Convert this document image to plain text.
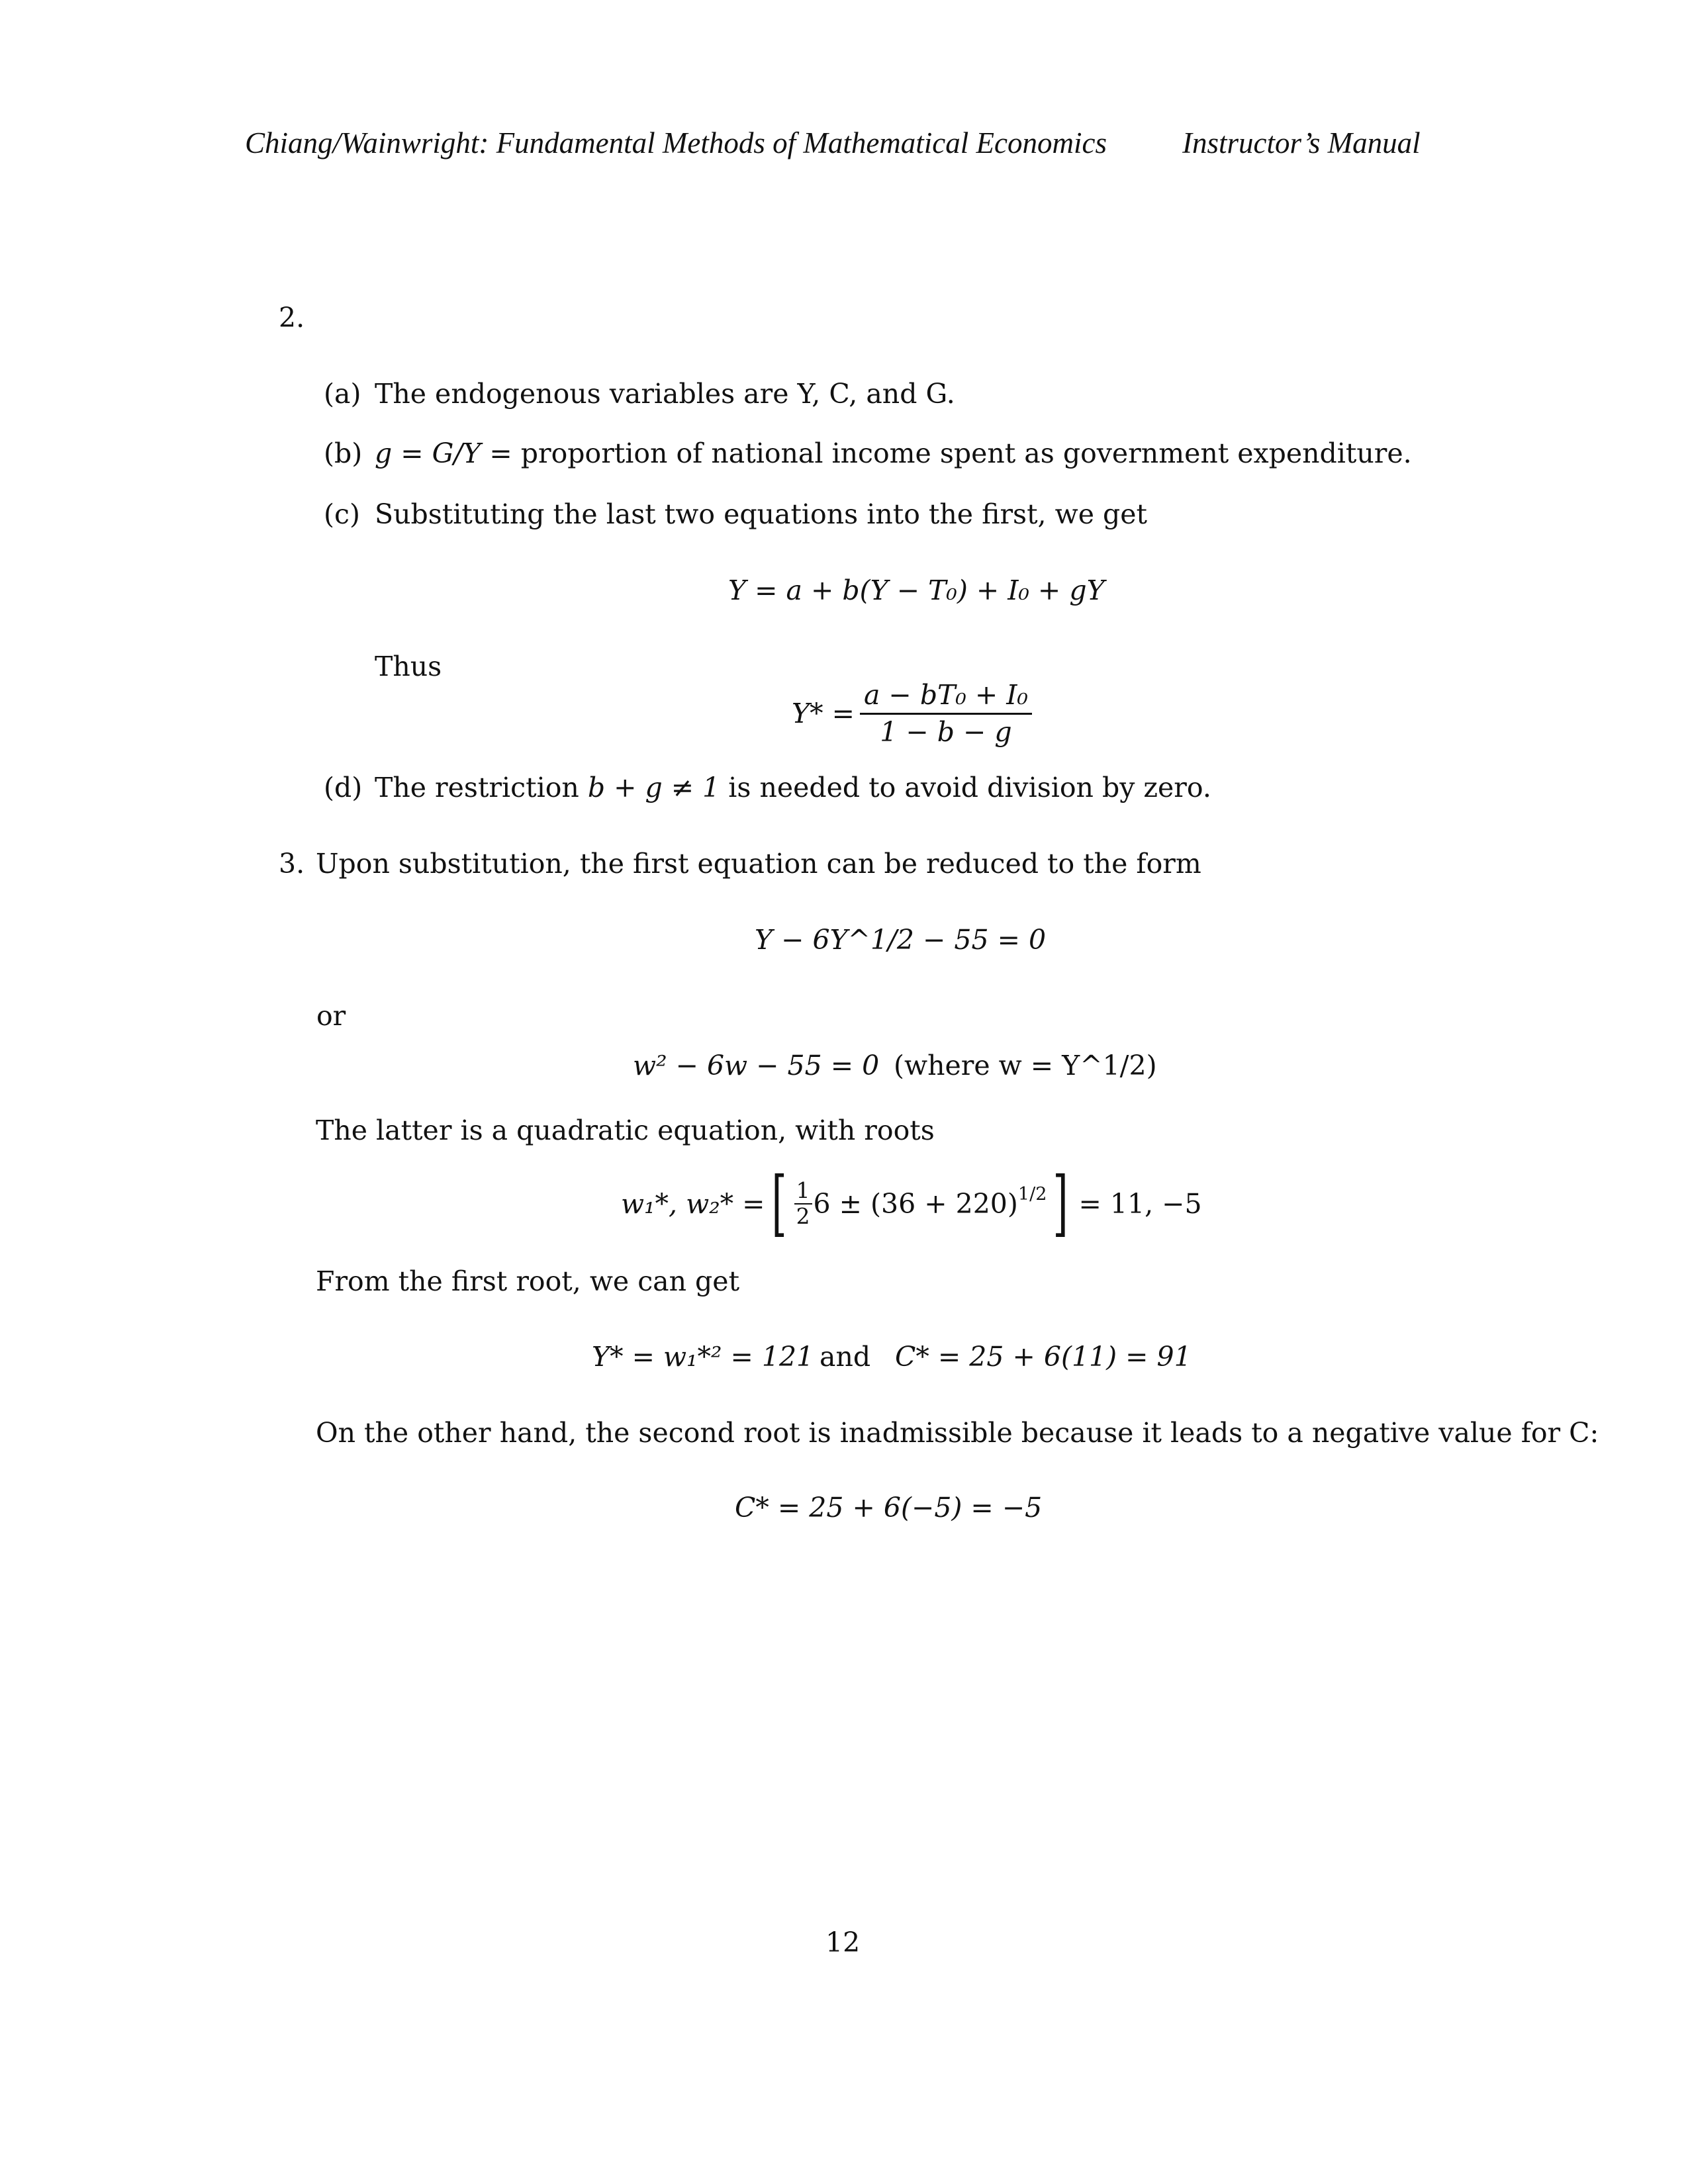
Chiang/Wainwright: Fundamental Methods of Mathematical Economics	Instructor’s Manual
2.
(a) The endogenous variables are Y, C, and G.
(b) g = G/Y = proportion of national income spent as government expenditure.
(c) Substituting the last two equations into the first, we get
Y = a + b(Y − T₀) + I₀ + gY
Thus
$Y* = \frac{\text{a − bT₀ + I₀}}{1 - b - g}$
(d) The restriction b + g ≠ 1 is needed to avoid division by zero.
3. Upon substitution, the first equation can be reduced to the form
Y − 6Y^1/2 − 55 = 0
or
w² − 6w − 55 = 0 (where w = Y^1/2)
The latter is a quadratic equation, with roots
w₁*, w₂* = [ $\frac{1}{2} 6 \pm (36 + 220)^{1/2}$ ] = 11, −5
From the first root, we can get
Y* = w₁*² = 121 and C* = 25 + 6(11) = 91
On the other hand, the second root is inadmissible because it leads to a negative value for C:
C* = 25 + 6(−5) = −5
12
